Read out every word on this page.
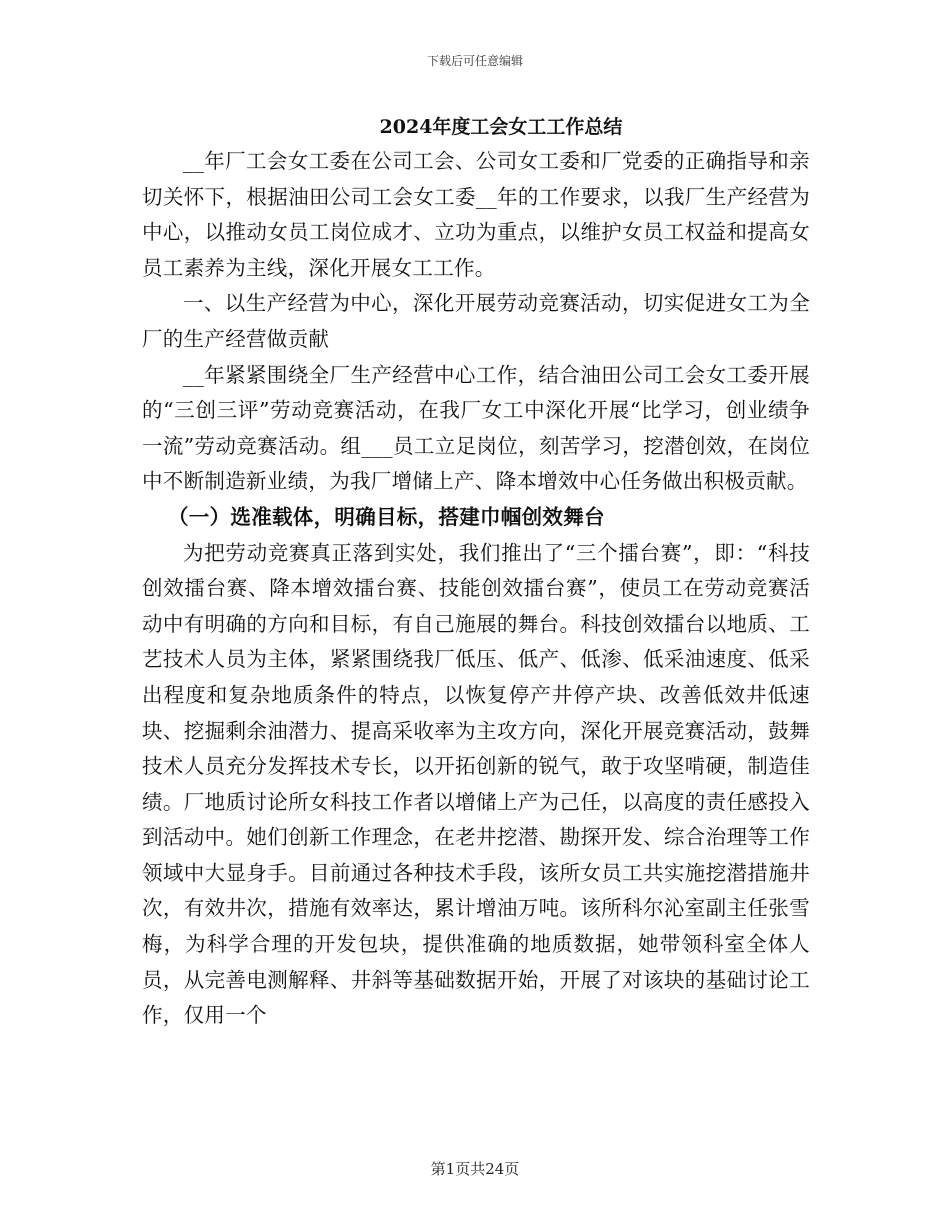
下载后可任意编辑
2024年度工会女工工作总结

__年厂工会女工委在公司工会、公司女工委和厂党委的正确指导和亲切关怀下，根据油田公司工会女工委__年的工作要求，以我厂生产经营为中心，以推动女员工岗位成才、立功为重点，以维护女员工权益和提高女员工素养为主线，深化开展女工工作。

一、以生产经营为中心，深化开展劳动竞赛活动，切实促进女工为全厂的生产经营做贡献

__年紧紧围绕全厂生产经营中心工作，结合油田公司工会女工委开展的“三创三评”劳动竞赛活动，在我厂女工中深化开展“比学习，创业绩争一流”劳动竞赛活动。组___员工立足岗位，刻苦学习，挖潜创效，在岗位中不断制造新业绩，为我厂增储上产、降本增效中心任务做出积极贡献。

（一）选准载体，明确目标，搭建巾帼创效舞台

为把劳动竞赛真正落到实处，我们推出了“三个擂台赛”，即：“科技创效擂台赛、降本增效擂台赛、技能创效擂台赛”，使员工在劳动竞赛活动中有明确的方向和目标，有自己施展的舞台。科技创效擂台以地质、工艺技术人员为主体，紧紧围绕我厂低压、低产、低渗、低采油速度、低采出程度和复杂地质条件的特点，以恢复停产井停产块、改善低效井低速块、挖掘剩余油潜力、提高采收率为主攻方向，深化开展竞赛活动，鼓舞技术人员充分发挥技术专长，以开拓创新的锐气，敢于攻坚啃硬，制造佳绩。厂地质讨论所女科技工作者以增储上产为己任，以高度的责任感投入到活动中。她们创新工作理念，在老井挖潜、勘探开发、综合治理等工作领域中大显身手。目前通过各种技术手段，该所女员工共实施挖潜措施井次，有效井次，措施有效率达，累计增油万吨。该所科尔沁室副主任张雪梅，为科学合理的开发包块，提供准确的地质数据，她带领科室全体人员，从完善电测解释、井斜等基础数据开始，开展了对该块的基础讨论工作，仅用一个

第1页共24页
